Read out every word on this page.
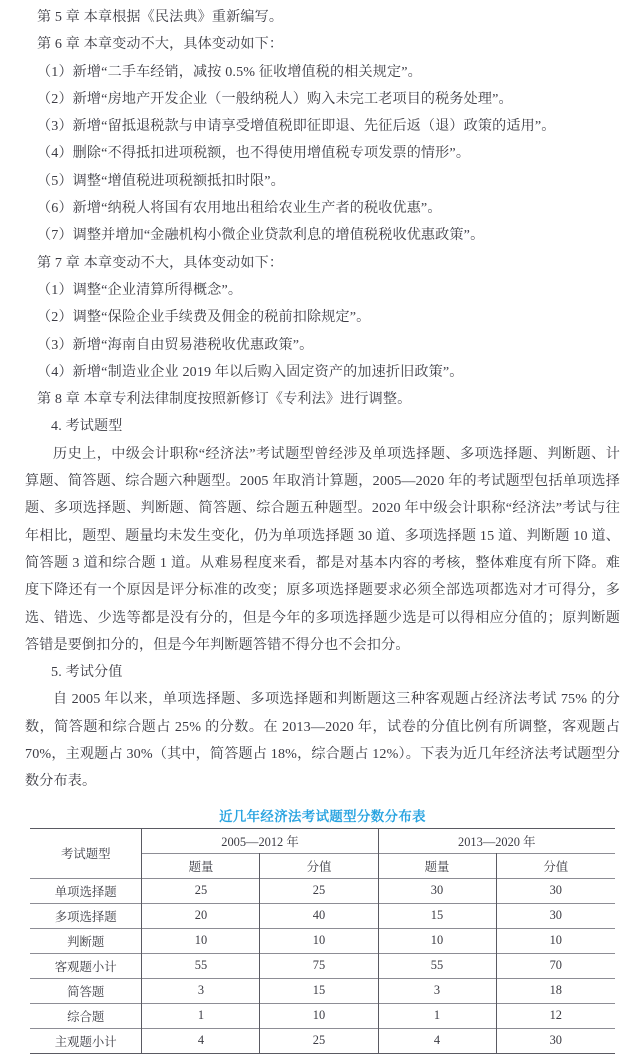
第 5 章 本章根据《民法典》重新编写。

第 6 章 本章变动不大，具体变动如下：

（1）新增“二手车经销，减按 0.5% 征收增值税的相关规定”。

（2）新增“房地产开发企业（一般纳税人）购入未完工老项目的税务处理”。

（3）新增“留抵退税款与申请享受增值税即征即退、先征后返（退）政策的适用”。

（4）删除“不得抵扣进项税额，也不得使用增值税专项发票的情形”。

（5）调整“增值税进项税额抵扣时限”。

（6）新增“纳税人将国有农用地出租给农业生产者的税收优惠”。

（7）调整并增加“金融机构小微企业贷款利息的增值税税收优惠政策”。

第 7 章 本章变动不大，具体变动如下：

（1）调整“企业清算所得概念”。

（2）调整“保险企业手续费及佣金的税前扣除规定”。

（3）新增“海南自由贸易港税收优惠政策”。

（4）新增“制造业企业 2019 年以后购入固定资产的加速折旧政策”。

第 8 章 本章专利法律制度按照新修订《专利法》进行调整。

4. 考试题型

历史上，中级会计职称“经济法”考试题型曾经涉及单项选择题、多项选择题、判断题、计算题、简答题、综合题六种题型。2005 年取消计算题，2005—2020 年的考试题型包括单项选择题、多项选择题、判断题、简答题、综合题五种题型。2020 年中级会计职称“经济法”考试与往年相比，题型、题量均未发生变化，仍为单项选择题 30 道、多项选择题 15 道、判断题 10 道、简答题 3 道和综合题 1 道。从难易程度来看，都是对基本内容的考核，整体难度有所下降。难度下降还有一个原因是评分标准的改变；原多项选择题要求必须全部选项都选对才可得分，多选、错选、少选等都是没有分的，但是今年的多项选择题少选是可以得相应分值的；原判断题答错是要倒扣分的，但是今年判断题答错不得分也不会扣分。

5. 考试分值

自 2005 年以来，单项选择题、多项选择题和判断题这三种客观题占经济法考试 75% 的分数，简答题和综合题占 25% 的分数。在 2013—2020 年，试卷的分值比例有所调整，客观题占 70%，主观题占 30%（其中，简答题占 18%，综合题占 12%）。下表为近几年经济法考试题型分数分布表。

近几年经济法考试题型分数分布表
考试题型	2005—2012 年		2013—2020 年	
	题量	分值	题量	分值
单项选择题	25	25	30	30
多项选择题	20	40	15	30
判断题	10	10	10	10
客观题小计	55	75	55	70
简答题	3	15	3	18
综合题	1	10	1	12
主观题小计	4	25	4	30
